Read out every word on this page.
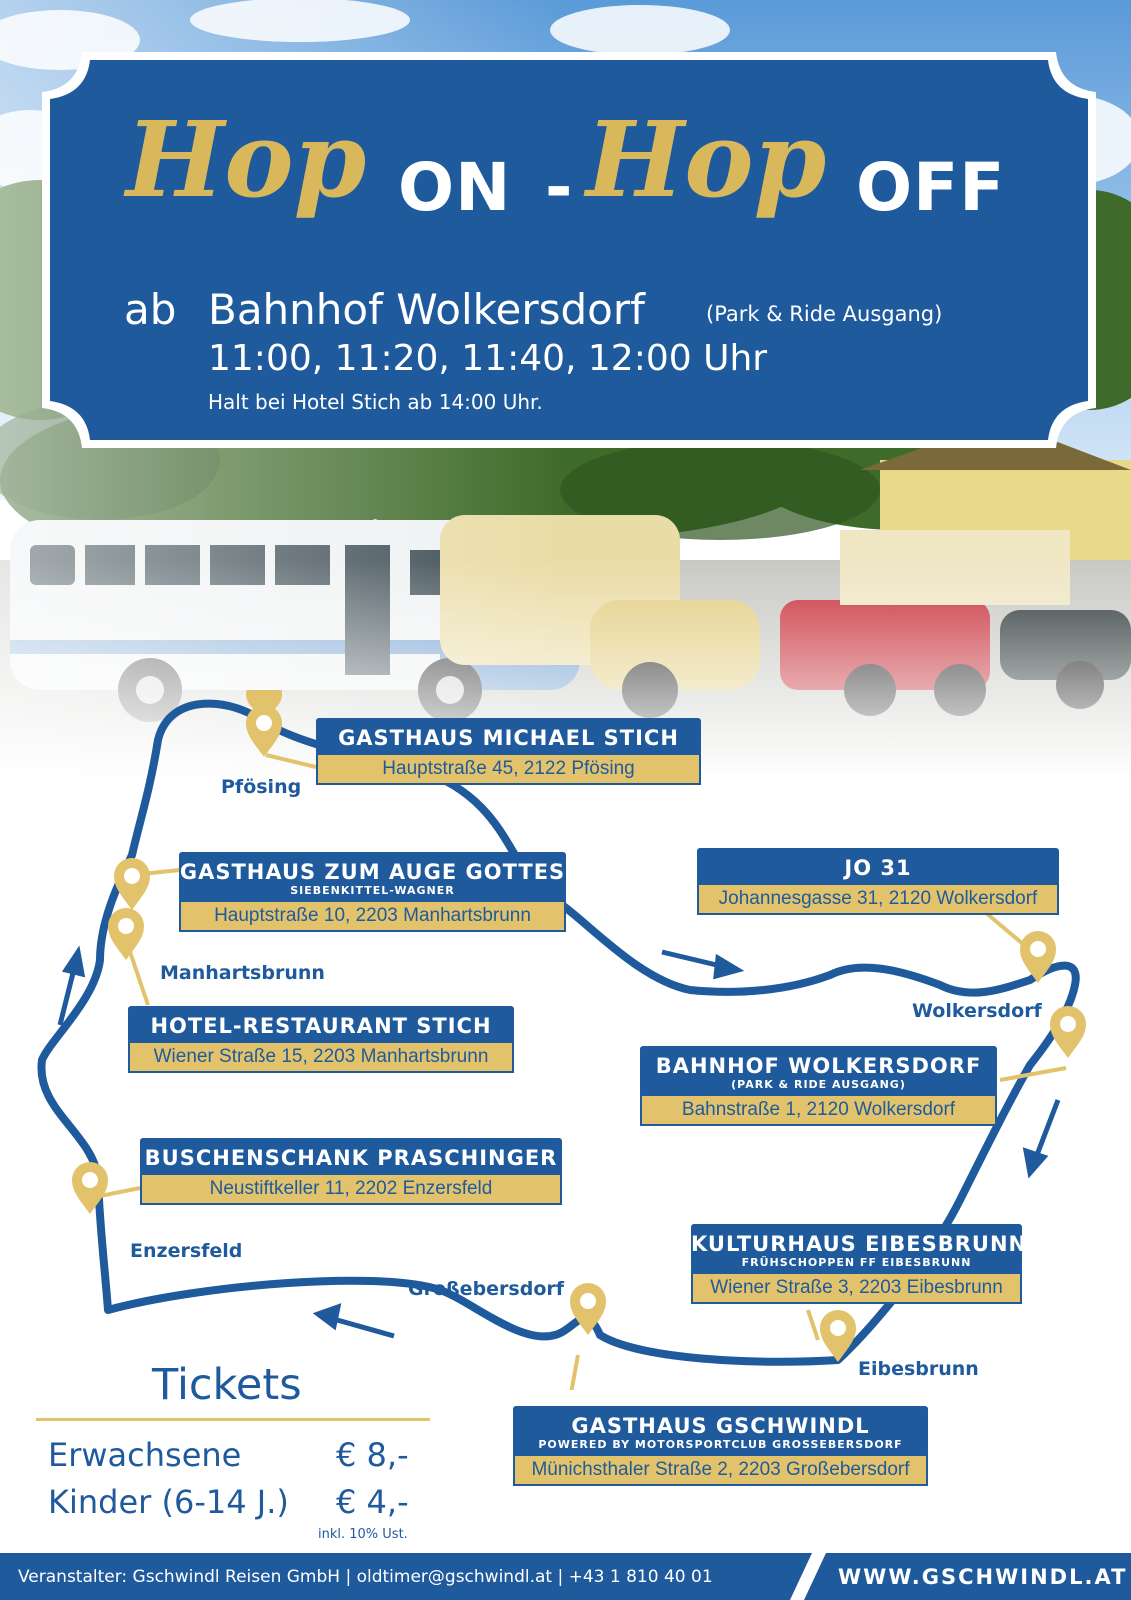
Hop ON - Hop OFF
ab Bahnhof Wolkersdorf	(Park & Ride Ausgang)
11:00, 11:20, 11:40, 12:00 Uhr
Halt bei Hotel Stich ab 14:00 Uhr.
GASTHAUS MICHAEL STICH
Hauptstraße 45, 2122 Pfösing
GASTHAUS ZUM AUGE GOTTES
SIEBENKITTEL-WAGNER
Hauptstraße 10, 2203 Manhartsbrunn
JO 31
Johannesgasse 31, 2120 Wolkersdorf
HOTEL-RESTAURANT STICH
Wiener Straße 15, 2203 Manhartsbrunn	BAHNHOF WOLKERSDORF
(PARK & RIDE AUSGANG)
Bahnstraße 1, 2120 Wolkersdorf
BUSCHENSCHANK PRASCHINGER
Neustiftkeller 11, 2202 Enzersfeld
KULTURHAUS EIBESBRUNN
FRÜHSCHOPPEN FF EIBESBRUNN
Wiener Straße 3, 2203 Eibesbrunn
GASTHAUS GSCHWINDL
POWERED BY MOTORSPORTCLUB GROSSEBERSDORF
Münichsthaler Straße 2, 2203 Großebersdorf
Pfösing
Manhartsbrunn
Wolkersdorf
Enzersfeld
Großebersdorf
Eibesbrunn
Tickets
Erwachsene	€ 8,-
Kinder (6-14 J.) € 4,-
inkl. 10% Ust.
Veranstalter: Gschwindl Reisen GmbH | oldtimer@gschwindl.at | +43 1 810 40 01	WWW.GSCHWINDL.AT
